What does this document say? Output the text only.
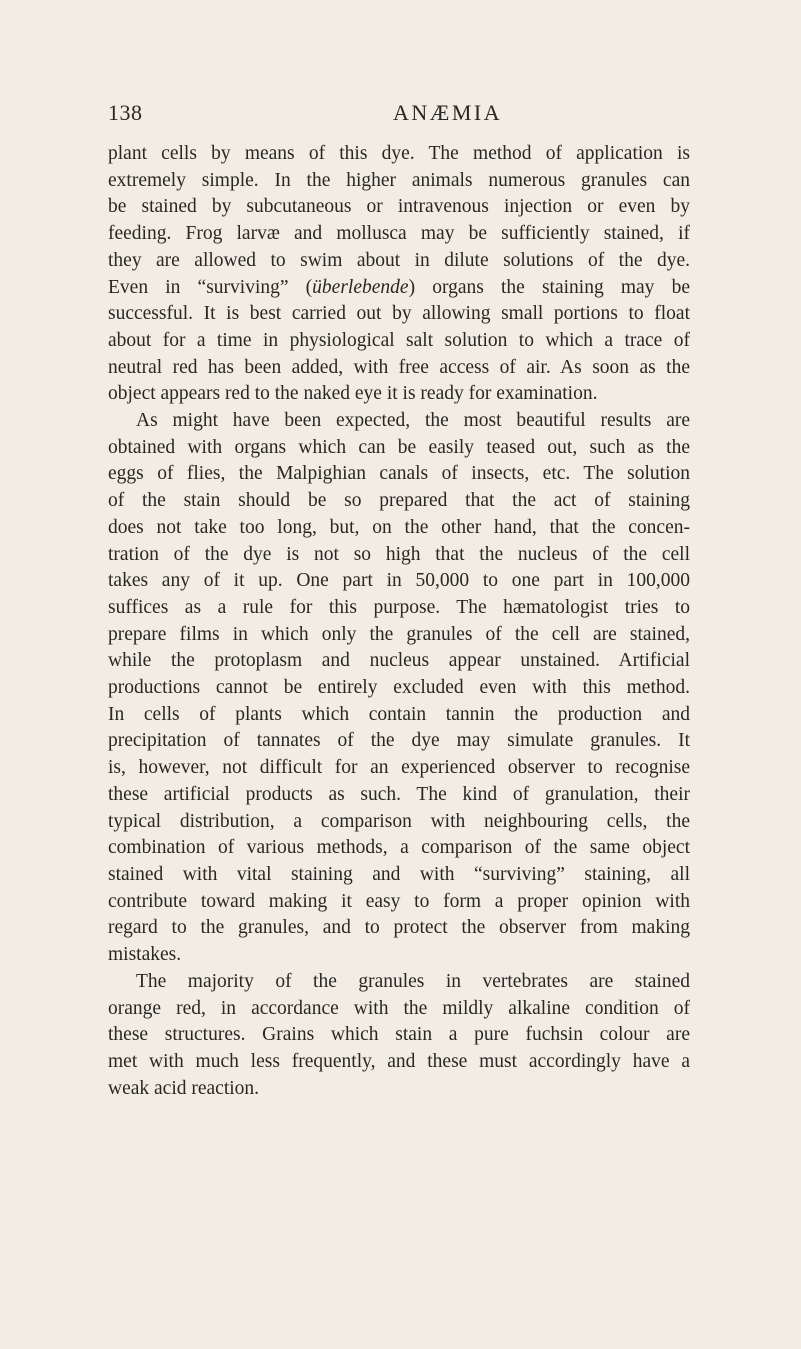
138	ANÆMIA

plant cells by means of this dye. The method of application is
extremely simple. In the higher animals numerous granules can
be stained by subcutaneous or intravenous injection or even by
feeding. Frog larvæ and mollusca may be sufficiently stained, if
they are allowed to swim about in dilute solutions of the dye.
Even in “surviving” (überlebende) organs the staining may be
successful. It is best carried out by allowing small portions to float
about for a time in physiological salt solution to which a trace of
neutral red has been added, with free access of air. As soon as the
object appears red to the naked eye it is ready for examination.

As might have been expected, the most beautiful results are
obtained with organs which can be easily teased out, such as the
eggs of flies, the Malpighian canals of insects, etc. The solution
of the stain should be so prepared that the act of staining
does not take too long, but, on the other hand, that the concen-
tration of the dye is not so high that the nucleus of the cell
takes any of it up. One part in 50,000 to one part in 100,000
suffices as a rule for this purpose. The hæmatologist tries to
prepare films in which only the granules of the cell are stained,
while the protoplasm and nucleus appear unstained. Artificial
productions cannot be entirely excluded even with this method.
In cells of plants which contain tannin the production and
precipitation of tannates of the dye may simulate granules. It
is, however, not difficult for an experienced observer to recognise
these artificial products as such. The kind of granulation, their
typical distribution, a comparison with neighbouring cells, the
combination of various methods, a comparison of the same object
stained with vital staining and with “surviving” staining, all
contribute toward making it easy to form a proper opinion with
regard to the granules, and to protect the observer from making
mistakes.

The majority of the granules in vertebrates are stained
orange red, in accordance with the mildly alkaline condition of
these structures. Grains which stain a pure fuchsin colour are
met with much less frequently, and these must accordingly have a
weak acid reaction.
